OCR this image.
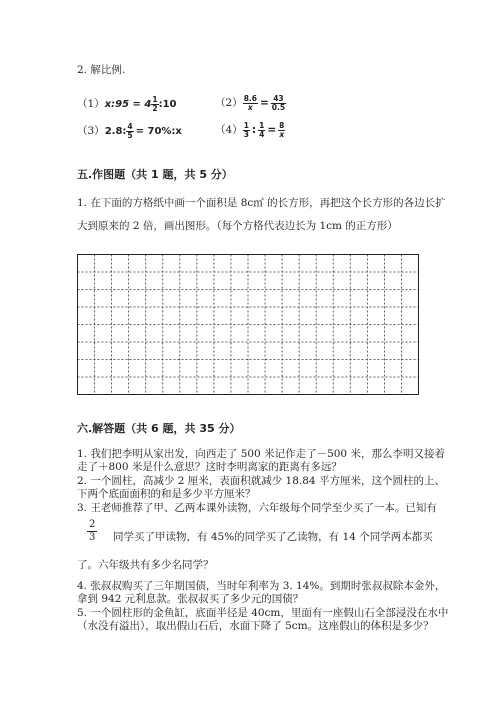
2. 解比例.
（1）x:95 = $4 \frac{1}{2}$ :10	$(2) \frac{8.6}{x} = \frac{43}{0.5}$
（3）2.8: $\frac{4}{5}$ = 70%:x	$(4) \frac{1}{3}$ : $\frac{1}{4} = \frac{8}{x}$
五.作图题（共 1 题，共 5 分）
1. 在下面的方格纸中画一个面积是 8c㎡ 的长方形，再把这个长方形的各边长扩
大到原来的 2 倍，画出图形。（每个方格代表边长为 1cm 的正方形）
六.解答题（共 6 题，共 35 分）
1. 我们把李明从家出发，向西走了 500 米记作走了－500 米，那么李明又接着
走了＋800 米是什么意思？这时李明离家的距离有多远？
2. 一个圆柱，高减少 2 厘米，表面积就减少 18.84 平方厘米，这个圆柱的上、
下两个底面面积的和是多少平方厘米？
3. 王老师推荐了甲、乙两本课外读物，六年级每个同学至少买了一本。已知有
$\frac{2}{3}$ 同学买了甲读物，有 45%的同学买了乙读物，有 14 个同学两本都买
了。六年级共有多少名同学？
4. 张叔叔购买了三年期国债，当时年利率为 3. 14%。到期时张叔叔除本金外，
拿到 942 元利息款。张叔叔买了多少元的国债？
5. 一个圆柱形的金鱼缸，底面半径是 40cm，里面有一座假山石全部浸没在水中
（水没有溢出），取出假山石后，水面下降了 5cm。这座假山的体积是多少？
